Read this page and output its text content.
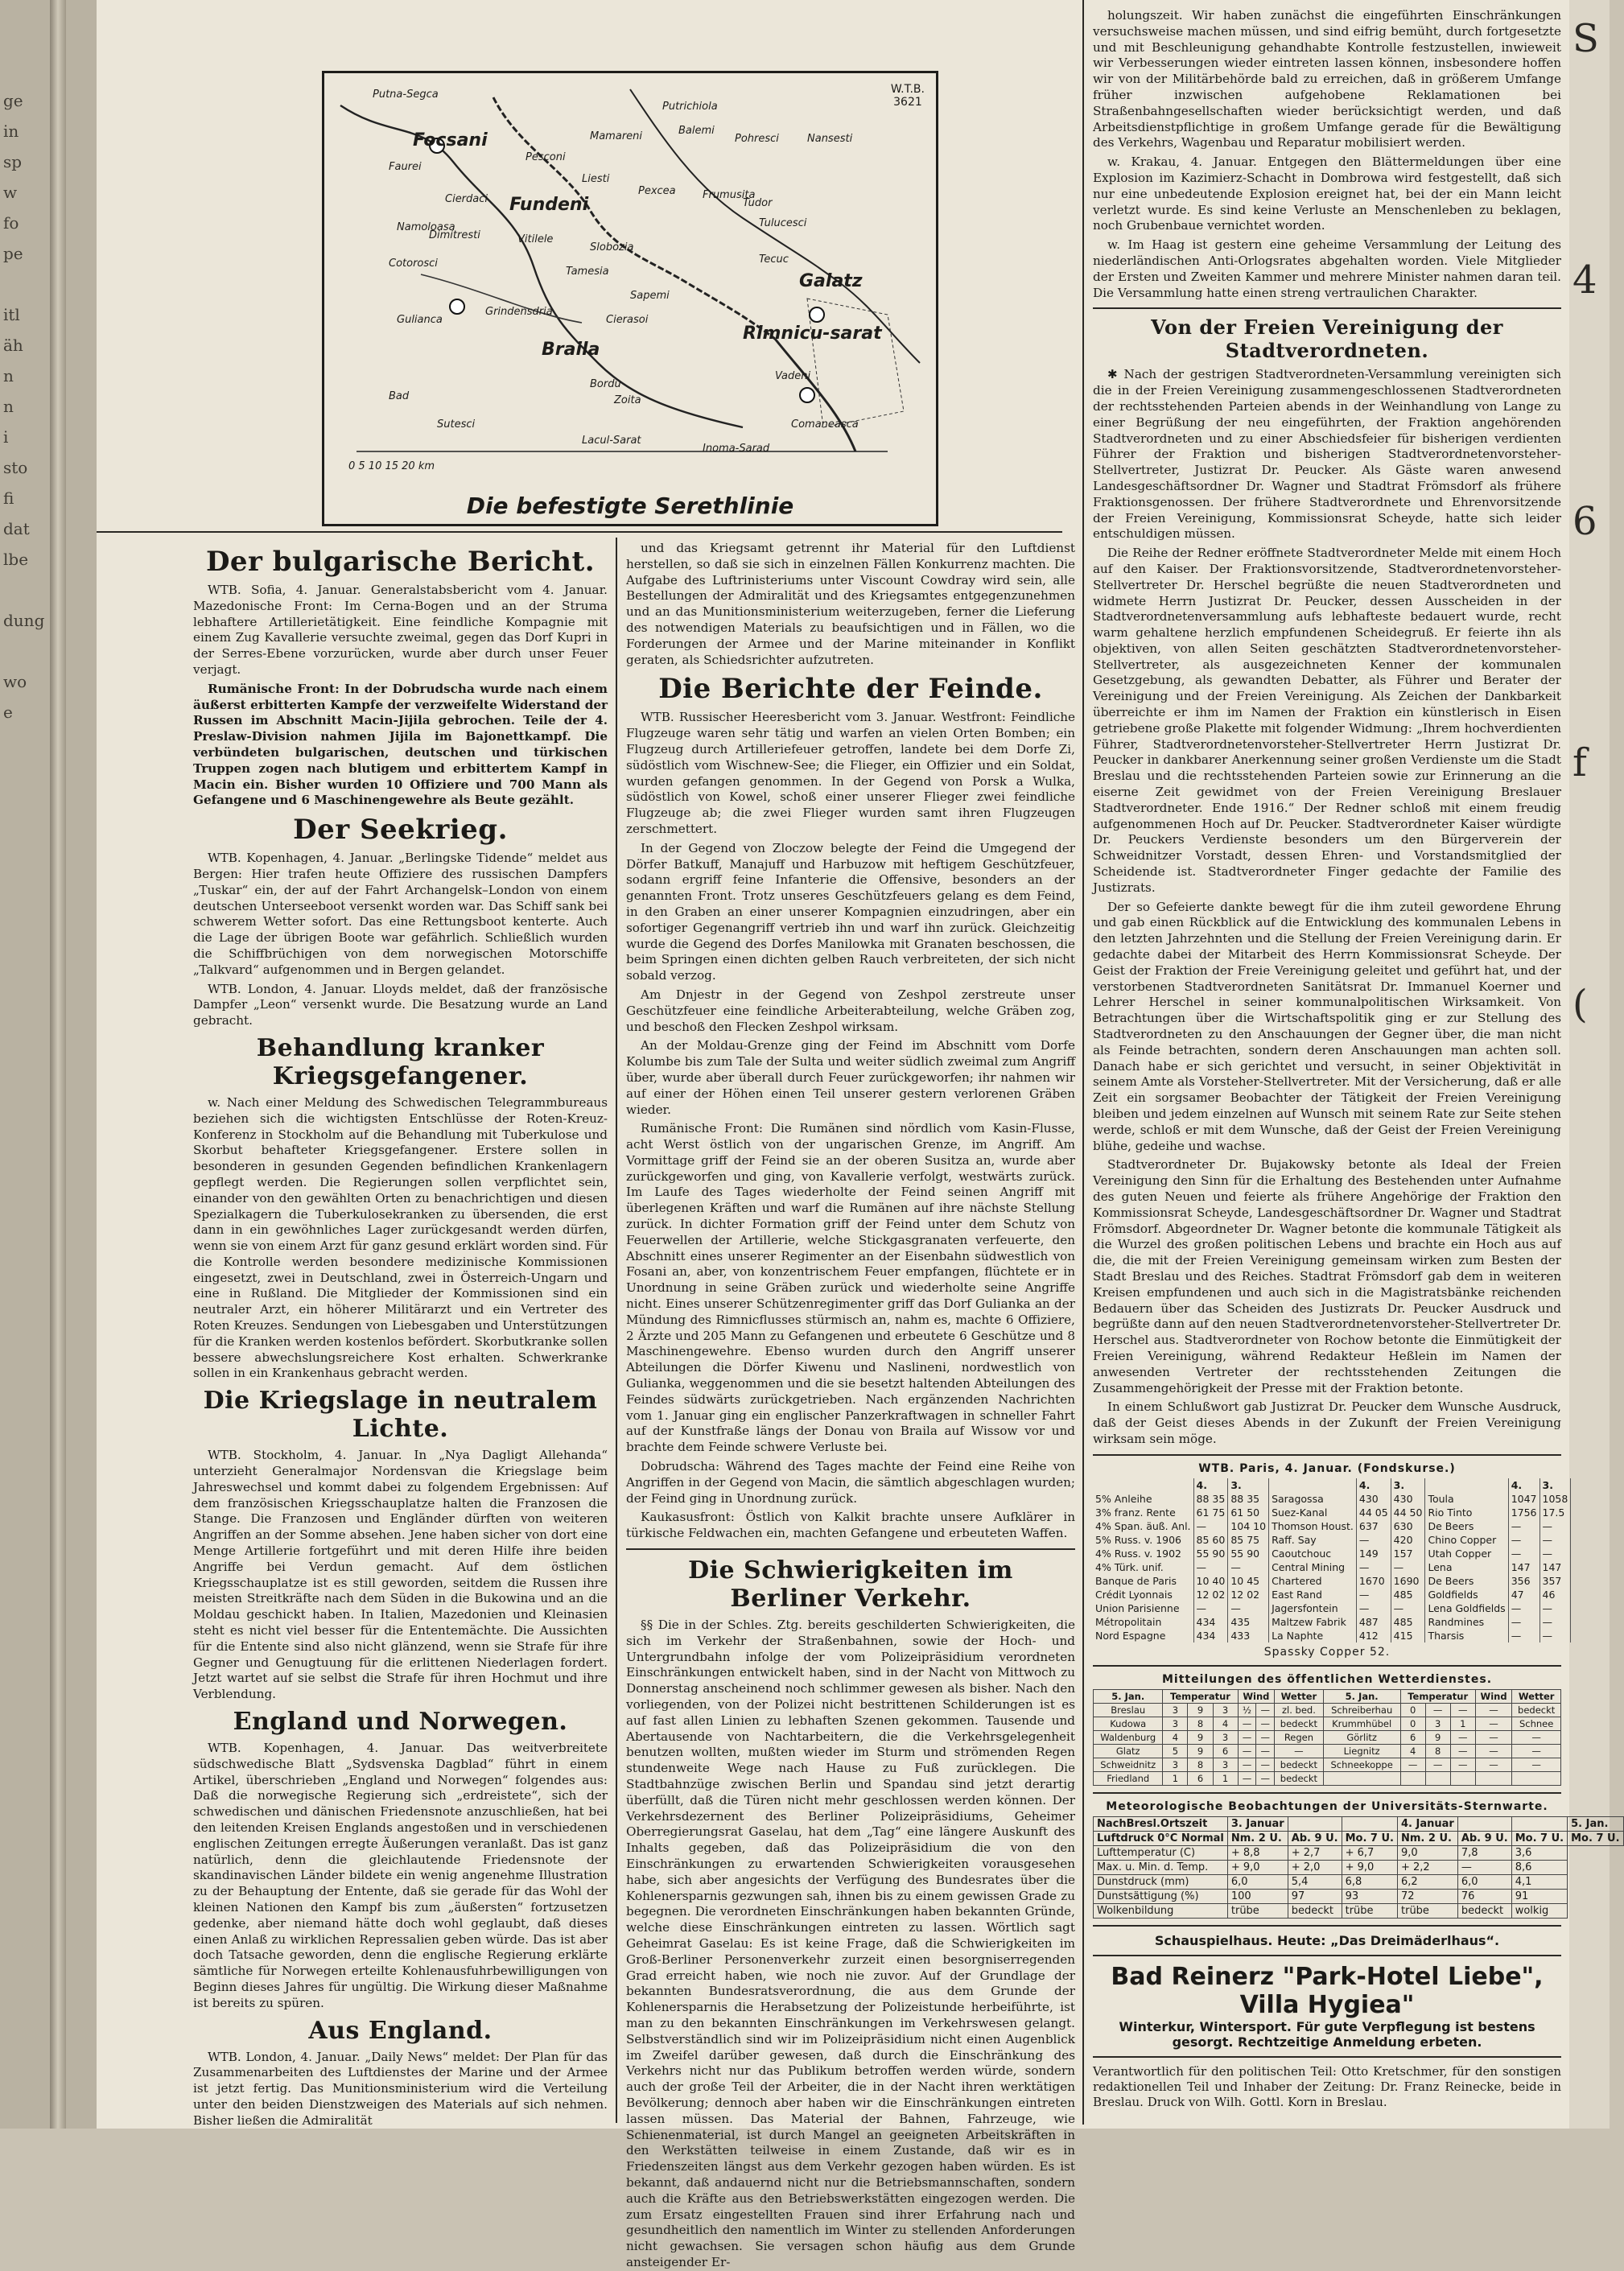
ge
in
sp
w
fo
pe
itl
äh
n
n
i
sto
fi
dat
lbe
dung
wo
e
S
4
6
f
(
Putna-Segca
Putrichiola
Balemi
Mamareni	Pohresci	Nansesti
Focsani
Pesconi
Faurei
Liesti
Pexcea	Frumusita
Cierdaci Fundeni	Tudor
Tulucesci
Namoloasa
Dimitresti	Vitilele
Slobozia
Tamesia
Tecuc
Galatz
Cotorosci
Sapemi
Grindensdria
Cierasoi
Gulianca
Rimnicu-sarat
Vadeni
Braila
Bordu
Bad	Zoita
Comaneasca
Lacul-Sarat
Sutesci
Inoma-Sarad
0 5 10 15 20 km
W.T.B.
3621
Die befestigte Serethlinie
Der bulgarische Bericht.

WTB. Sofia, 4. Januar. Generalstabsbericht vom 4. Januar. Mazedonische Front: Im Cerna-Bogen und an der Struma lebhaftere Artillerietätigkeit. Eine feindliche Kompagnie mit einem Zug Kavallerie versuchte zweimal, gegen das Dorf Kupri in der Serres-Ebene vorzurücken, wurde aber durch unser Feuer verjagt.

Rumänische Front: In der Dobrudscha wurde nach einem äußerst erbitterten Kampfe der verzweifelte Widerstand der Russen im Abschnitt Macin-Jijila gebrochen. Teile der 4. Preslaw-Division nahmen Jijila im Bajonettkampf. Die verbündeten bulgarischen, deutschen und türkischen Truppen zogen nach blutigem und erbittertem Kampf in Macin ein. Bisher wurden 10 Offiziere und 700 Mann als Gefangene und 6 Maschinengewehre als Beute gezählt.

Der Seekrieg.

WTB. Kopenhagen, 4. Januar. „Berlingske Tidende“ meldet aus Bergen: Hier trafen heute Offiziere des russischen Dampfers „Tuskar“ ein, der auf der Fahrt Archangelsk–London von einem deutschen Unterseeboot versenkt worden war. Das Schiff sank bei schwerem Wetter sofort. Das eine Rettungsboot kenterte. Auch die Lage der übrigen Boote war gefährlich. Schließlich wurden die Schiffbrüchigen von dem norwegischen Motorschiffe „Talkvard“ aufgenommen und in Bergen gelandet.

WTB. London, 4. Januar. Lloyds meldet, daß der französische Dampfer „Leon“ versenkt wurde. Die Besatzung wurde an Land gebracht.

Behandlung kranker Kriegsgefangener.

w. Nach einer Meldung des Schwedischen Telegrammbureaus beziehen sich die wichtigsten Entschlüsse der Roten-Kreuz-Konferenz in Stockholm auf die Behandlung mit Tuberkulose und Skorbut behafteter Kriegsgefangener. Erstere sollen in besonderen in gesunden Gegenden befindlichen Krankenlagern gepflegt werden. Die Regierungen sollen verpflichtet sein, einander von den gewählten Orten zu benachrichtigen und diesen Spezialkagern die Tuberkulosekranken zu übersenden, die erst dann in ein gewöhnliches Lager zurückgesandt werden dürfen, wenn sie von einem Arzt für ganz gesund erklärt worden sind. Für die Kontrolle werden besondere medizinische Kommissionen eingesetzt, zwei in Deutschland, zwei in Österreich-Ungarn und eine in Rußland. Die Mitglieder der Kommissionen sind ein neutraler Arzt, ein höherer Militärarzt und ein Vertreter des Roten Kreuzes. Sendungen von Liebesgaben und Unterstützungen für die Kranken werden kostenlos befördert. Skorbutkranke sollen bessere abwechslungsreichere Kost erhalten. Schwerkranke sollen in ein Krankenhaus gebracht werden.

Die Kriegslage in neutralem Lichte.

WTB. Stockholm, 4. Januar. In „Nya Dagligt Allehanda“ unterzieht Generalmajor Nordensvan die Kriegslage beim Jahreswechsel und kommt dabei zu folgendem Ergebnissen: Auf dem französischen Kriegsschauplatze halten die Franzosen die Stange. Die Franzosen und Engländer dürften von weiteren Angriffen an der Somme absehen. Jene haben sicher von dort eine Menge Artillerie fortgeführt und mit deren Hilfe ihre beiden Angriffe bei Verdun gemacht. Auf dem östlichen Kriegsschauplatze ist es still geworden, seitdem die Russen ihre meisten Streitkräfte nach dem Süden in die Bukowina und an die Moldau geschickt haben. In Italien, Mazedonien und Kleinasien steht es nicht viel besser für die Ententemächte. Die Aussichten für die Entente sind also nicht glänzend, wenn sie Strafe für ihre Gegner und Genugtuung für die erlittenen Niederlagen fordert. Jetzt wartet auf sie selbst die Strafe für ihren Hochmut und ihre Verblendung.

England und Norwegen.

WTB. Kopenhagen, 4. Januar. Das weitverbreitete südschwedische Blatt „Sydsvenska Dagblad“ führt in einem Artikel, überschrieben „England und Norwegen“ folgendes aus: Daß die norwegische Regierung sich „erdreistete“, sich der schwedischen und dänischen Friedensnote anzuschließen, hat bei den leitenden Kreisen Englands angestoßen und in verschiedenen englischen Zeitungen erregte Äußerungen veranlaßt. Das ist ganz natürlich, denn die gleichlautende Friedensnote der skandinavischen Länder bildete ein wenig angenehme Illustration zu der Behauptung der Entente, daß sie gerade für das Wohl der kleinen Nationen den Kampf bis zum „äußersten“ fortzusetzen gedenke, aber niemand hätte doch wohl geglaubt, daß dieses einen Anlaß zu wirklichen Repressalien geben würde. Das ist aber doch Tatsache geworden, denn die englische Regierung erklärte sämtliche für Norwegen erteilte Kohlenausfuhrbewilligungen von Beginn dieses Jahres für ungültig. Die Wirkung dieser Maßnahme ist bereits zu spüren.

Aus England.

WTB. London, 4. Januar. „Daily News“ meldet: Der Plan für das Zusammenarbeiten des Luftdienstes der Marine und der Armee ist jetzt fertig. Das Munitionsministerium wird die Verteilung unter den beiden Dienstzweigen des Materials auf sich nehmen. Bisher ließen die Admiralität

und das Kriegsamt getrennt ihr Material für den Luftdienst herstellen, so daß sie sich in einzelnen Fällen Konkurrenz machten. Die Aufgabe des Luftrinisteriums unter Viscount Cowdray wird sein, alle Bestellungen der Admiralität und des Kriegsamtes entgegenzunehmen und an das Munitionsministerium weiterzugeben, ferner die Lieferung des notwendigen Materials zu beaufsichtigen und in Fällen, wo die Forderungen der Armee und der Marine miteinander in Konflikt geraten, als Schiedsrichter aufzutreten.

Die Berichte der Feinde.

WTB. Russischer Heeresbericht vom 3. Januar. Westfront: Feindliche Flugzeuge waren sehr tätig und warfen an vielen Orten Bomben; ein Flugzeug durch Artilleriefeuer getroffen, landete bei dem Dorfe Zi, südöstlich vom Wischnew-See; die Flieger, ein Offizier und ein Soldat, wurden gefangen genommen. In der Gegend von Porsk a Wulka, südöstlich von Kowel, schoß einer unserer Flieger zwei feindliche Flugzeuge ab; die zwei Flieger wurden samt ihren Flugzeugen zerschmettert.

In der Gegend von Zloczow belegte der Feind die Umgegend der Dörfer Batkuff, Manajuff und Harbuzow mit heftigem Geschützfeuer, sodann ergriff feine Infanterie die Offensive, besonders an der genannten Front. Trotz unseres Geschützfeuers gelang es dem Feind, in den Graben an einer unserer Kompagnien einzudringen, aber ein sofortiger Gegenangriff vertrieb ihn und warf ihn zurück. Gleichzeitig wurde die Gegend des Dorfes Manilowka mit Granaten beschossen, die beim Springen einen dichten gelben Rauch verbreiteten, der sich nicht sobald verzog.

Am Dnjestr in der Gegend von Zeshpol zerstreute unser Geschützfeuer eine feindliche Arbeiterabteilung, welche Gräben zog, und beschoß den Flecken Zeshpol wirksam.

An der Moldau-Grenze ging der Feind im Abschnitt vom Dorfe Kolumbe bis zum Tale der Sulta und weiter südlich zweimal zum Angriff über, wurde aber überall durch Feuer zurückgeworfen; ihr nahmen wir auf einer der Höhen einen Teil unserer gestern verlorenen Gräben wieder.

Rumänische Front: Die Rumänen sind nördlich vom Kasin-Flusse, acht Werst östlich von der ungarischen Grenze, im Angriff. Am Vormittage griff der Feind sie an der oberen Susitza an, wurde aber zurückgeworfen und ging, von Kavallerie verfolgt, westwärts zurück. Im Laufe des Tages wiederholte der Feind seinen Angriff mit überlegenen Kräften und warf die Rumänen auf ihre nächste Stellung zurück. In dichter Formation griff der Feind unter dem Schutz von Feuerwellen der Artillerie, welche Stickgasgranaten verfeuerte, den Abschnitt eines unserer Regimenter an der Eisenbahn südwestlich von Fosani an, aber, von konzentrischem Feuer empfangen, flüchtete er in Unordnung in seine Gräben zurück und wiederholte seine Angriffe nicht. Eines unserer Schützenregimenter griff das Dorf Gulianka an der Mündung des Rimnicflusses stürmisch an, nahm es, machte 6 Offiziere, 2 Ärzte und 205 Mann zu Gefangenen und erbeutete 6 Geschütze und 8 Maschinengewehre. Ebenso wurden durch den Angriff unserer Abteilungen die Dörfer Kiwenu und Naslineni, nordwestlich von Gulianka, weggenommen und die sie besetzt haltenden Abteilungen des Feindes südwärts zurückgetrieben. Nach ergänzenden Nachrichten vom 1. Januar ging ein englischer Panzerkraftwagen in schneller Fahrt auf der Kunstfraße längs der Donau von Braila auf Wissow vor und brachte dem Feinde schwere Verluste bei.

Dobrudscha: Während des Tages machte der Feind eine Reihe von Angriffen in der Gegend von Macin, die sämtlich abgeschlagen wurden; der Feind ging in Unordnung zurück.

Kaukasusfront: Östlich von Kalkit brachte unsere Aufklärer in türkische Feldwachen ein, machten Gefangene und erbeuteten Waffen.

Die Schwierigkeiten im Berliner Verkehr.

§§ Die in der Schles. Ztg. bereits geschilderten Schwierigkeiten, die sich im Verkehr der Straßenbahnen, sowie der Hoch- und Untergrundbahn infolge der vom Polizeipräsidium verordneten Einschränkungen entwickelt haben, sind in der Nacht von Mittwoch zu Donnerstag anscheinend noch schlimmer gewesen als bisher. Nach den vorliegenden, von der Polizei nicht bestrittenen Schilderungen ist es auf fast allen Linien zu lebhaften Szenen gekommen. Tausende und Abertausende von Nachtarbeitern, die die Verkehrsgelegenheit benutzen wollten, mußten wieder im Sturm und strömenden Regen stundenweite Wege nach Hause zu Fuß zurücklegen. Die Stadtbahnzüge zwischen Berlin und Spandau sind jetzt derartig überfüllt, daß die Türen nicht mehr geschlossen werden können. Der Verkehrsdezernent des Berliner Polizeipräsidiums, Geheimer Oberregierungsrat Gaselau, hat dem „Tag“ eine längere Auskunft des Inhalts gegeben, daß das Polizeipräsidium die von den Einschränkungen zu erwartenden Schwierigkeiten vorausgesehen habe, sich aber angesichts der Verfügung des Bundesrates über die Kohlenersparnis gezwungen sah, ihnen bis zu einem gewissen Grade zu begegnen. Die verordneten Einschränkungen haben bekannten Gründe, welche diese Einschränkungen eintreten zu lassen. Wörtlich sagt Geheimrat Gaselau: Es ist keine Frage, daß die Schwierigkeiten im Groß-Berliner Personenverkehr zurzeit einen besorgniserregenden Grad erreicht haben, wie noch nie zuvor. Auf der Grundlage der bekannten Bundesratsverordnung, die aus dem Grunde der Kohlenersparnis die Herabsetzung der Polizeistunde herbeiführte, ist man zu den bekannten Einschränkungen im Verkehrswesen gelangt. Selbstverständlich sind wir im Polizeipräsidium nicht einen Augenblick im Zweifel darüber gewesen, daß durch die Einschränkung des Verkehrs nicht nur das Publikum betroffen werden würde, sondern auch der große Teil der Arbeiter, die in der Nacht ihren werktätigen Bevölkerung; dennoch aber haben wir die Einschränkungen eintreten lassen müssen. Das Material der Bahnen, Fahrzeuge, wie Schienenmaterial, ist durch Mangel an geeigneten Arbeitskräften in den Werkstätten teilweise in einem Zustande, daß wir es in Friedenszeiten längst aus dem Verkehr gezogen haben würden. Es ist bekannt, daß andauernd nicht nur die Betriebsmannschaften, sondern auch die Kräfte aus den Betriebswerkstätten eingezogen werden. Die zum Ersatz eingestellten Frauen sind ihrer Erfahrung nach und gesundheitlich den namentlich im Winter zu stellenden Anforderungen nicht gewachsen. Sie versagen schon häufig aus dem Grunde ansteigender Er-

holungszeit. Wir haben zunächst die eingeführten Einschränkungen versuchsweise machen müssen, und sind eifrig bemüht, durch fortgesetzte und mit Beschleunigung gehandhabte Kontrolle festzustellen, inwieweit wir Verbesserungen wieder eintreten lassen können, insbesondere hoffen wir von der Militärbehörde bald zu erreichen, daß in größerem Umfange früher inzwischen aufgehobene Reklamationen bei Straßenbahngesellschaften wieder berücksichtigt werden, und daß Arbeitsdienstpflichtige in großem Umfange gerade für die Bewältigung des Verkehrs, Wagenbau und Reparatur mobilisiert werden.

w. Krakau, 4. Januar. Entgegen den Blättermeldungen über eine Explosion im Kazimierz-Schacht in Dombrowa wird festgestellt, daß sich nur eine unbedeutende Explosion ereignet hat, bei der ein Mann leicht verletzt wurde. Es sind keine Verluste an Menschenleben zu beklagen, noch Grubenbaue vernichtet worden.

w. Im Haag ist gestern eine geheime Versammlung der Leitung des niederländischen Anti-Orlogsrates abgehalten worden. Viele Mitglieder der Ersten und Zweiten Kammer und mehrere Minister nahmen daran teil. Die Versammlung hatte einen streng vertraulichen Charakter.

Von der Freien Vereinigung der Stadtverordneten.

✱ Nach der gestrigen Stadtverordneten-Versammlung vereinigten sich die in der Freien Vereinigung zusammengeschlossenen Stadtverordneten der rechtsstehenden Parteien abends in der Weinhandlung von Lange zu einer Begrüßung der neu eingeführten, der Fraktion angehörenden Stadtverordneten und zu einer Abschiedsfeier für bisherigen verdienten Führer der Fraktion und bisherigen Stadtverordnetenvorsteher-Stellvertreter, Justizrat Dr. Peucker. Als Gäste waren anwesend Landesgeschäftsordner Dr. Wagner und Stadtrat Frömsdorf als frühere Fraktionsgenossen. Der frühere Stadtverordnete und Ehrenvorsitzende der Freien Vereinigung, Kommissionsrat Scheyde, hatte sich leider entschuldigen müssen.

Die Reihe der Redner eröffnete Stadtverordneter Melde mit einem Hoch auf den Kaiser. Der Fraktionsvorsitzende, Stadtverordnetenvorsteher-Stellvertreter Dr. Herschel begrüßte die neuen Stadtverordneten und widmete Herrn Justizrat Dr. Peucker, dessen Ausscheiden in der Stadtverordnetenversammlung aufs lebhafteste bedauert wurde, recht warm gehaltene herzlich empfundenen Scheidegruß. Er feierte ihn als objektiven, von allen Seiten geschätzten Stadtverordnetenvorsteher-Stellvertreter, als ausgezeichneten Kenner der kommunalen Gesetzgebung, als gewandten Debatter, als Führer und Berater der Vereinigung und der Freien Vereinigung. Als Zeichen der Dankbarkeit überreichte er ihm im Namen der Fraktion ein künstlerisch in Eisen getriebene große Plakette mit folgender Widmung: „Ihrem hochverdienten Führer, Stadtverordnetenvorsteher-Stellvertreter Herrn Justizrat Dr. Peucker in dankbarer Anerkennung seiner großen Verdienste um die Stadt Breslau und die rechtsstehenden Parteien sowie zur Erinnerung an die eiserne Zeit gewidmet von der Freien Vereinigung Breslauer Stadtverordneter. Ende 1916.“ Der Redner schloß mit einem freudig aufgenommenen Hoch auf Dr. Peucker. Stadtverordneter Kaiser würdigte Dr. Peuckers Verdienste besonders um den Bürgerverein der Schweidnitzer Vorstadt, dessen Ehren- und Vorstandsmitglied der Scheidende ist. Stadtverordneter Finger gedachte der Familie des Justizrats.

Der so Gefeierte dankte bewegt für die ihm zuteil gewordene Ehrung und gab einen Rückblick auf die Entwicklung des kommunalen Lebens in den letzten Jahrzehnten und die Stellung der Freien Vereinigung darin. Er gedachte dabei der Mitarbeit des Herrn Kommissionsrat Scheyde. Der Geist der Fraktion der Freie Vereinigung geleitet und geführt hat, und der verstorbenen Stadtverordneten Sanitätsrat Dr. Immanuel Koerner und Lehrer Herschel in seiner kommunalpolitischen Wirksamkeit. Von Betrachtungen über die Wirtschaftspolitik ging er zur Stellung des Stadtverordneten zu den Anschauungen der Gegner über, die man nicht als Feinde betrachten, sondern deren Anschauungen man achten soll. Danach habe er sich gerichtet und versucht, in seiner Objektivität in seinem Amte als Vorsteher-Stellvertreter. Mit der Versicherung, daß er alle Zeit ein sorgsamer Beobachter der Tätigkeit der Freien Vereinigung bleiben und jedem einzelnen auf Wunsch mit seinem Rate zur Seite stehen werde, schloß er mit dem Wunsche, daß der Geist der Freien Vereinigung blühe, gedeihe und wachse.

Stadtverordneter Dr. Bujakowsky betonte als Ideal der Freien Vereinigung den Sinn für die Erhaltung des Bestehenden unter Aufnahme des guten Neuen und feierte als frühere Angehörige der Fraktion den Kommissionsrat Scheyde, Landesgeschäftsordner Dr. Wagner und Stadtrat Frömsdorf. Abgeordneter Dr. Wagner betonte die kommunale Tätigkeit als die Wurzel des großen politischen Lebens und brachte ein Hoch aus auf die, die mit der Freien Vereinigung gemeinsam wirken zum Besten der Stadt Breslau und des Reiches. Stadtrat Frömsdorf gab dem in weiteren Kreisen empfundenen und auch sich in die Magistratsbänke reichenden Bedauern über das Scheiden des Justizrats Dr. Peucker Ausdruck und begrüßte dann auf den neuen Stadtverordnetenvorsteher-Stellvertreter Dr. Herschel aus. Stadtverordneter von Rochow betonte die Einmütigkeit der Freien Vereinigung, während Redakteur Heßlein im Namen der anwesenden Vertreter der rechtsstehenden Zeitungen die Zusammengehörigkeit der Presse mit der Fraktion betonte.

In einem Schlußwort gab Justizrat Dr. Peucker dem Wunsche Ausdruck, daß der Geist dieses Abends in der Zukunft der Freien Vereinigung wirksam sein möge.

WTB. Paris, 4. Januar. (Fondskurse.)
	4.	3.		4.	3.		4.	3.
5% Anleihe	88 35	88 35	Saragossa	430	430	Toula	1047	1058
3% franz. Rente	61 75	61 50	Suez-Kanal	44 05	44 50	Rio Tinto	1756	17.5
4% Span. äuß. Anl.	—	104 10	Thomson Houst.	637	630	De Beers	—	—
5% Russ. v. 1906	85 60	85 75	Raff. Say	—	420	Chino Copper	—	—
4% Russ. v. 1902	55 90	55 90	Caoutchouc	149	157	Utah Copper	—	—
4% Türk. unif.	—	—	Central Mining	—	—	Lena	147	147
Banque de Paris	10 40	10 45	Chartered	1670	1690	De Beers	356	357
Crédit Lyonnais	12 02	12 02	East Rand	—	485	Goldfields	47	46
Union Parisienne	—	—	Jagersfontein	—	—	Lena Goldfields	—	—
Métropolitain	434	435	Maltzew Fabrik	487	485	Randmines	—	—
Nord Espagne	434	433	La Naphte	412	415	Tharsis	—	—
Spassky Copper 52.
Mitteilungen des öffentlichen Wetterdienstes.
5. Jan.	Temperatur			Wind		Wetter	5. Jan.	Temperatur			Wind	Wetter
Breslau	3	9	3	½	—	zl. bed.	Schreiberhau	0	—	—	—	bedeckt
Kudowa	3	8	4	—	—	bedeckt	Krummhübel	0	3	1	—	Schnee
Waldenburg	4	9	3	—	—	Regen	Görlitz	6	9	—	—	—
Glatz	5	9	6	—	—	—	Liegnitz	4	8	—	—	—
Schweidnitz	3	8	3	—	—	bedeckt	Schneekoppe	—	—	—	—	—
Friedland	1	6	1	—	—	bedeckt						
Meteorologische Beobachtungen der Universitäts-Sternwarte.
NachBresl.Ortszeit	3. Januar			4. Januar			5. Jan.
Luftdruck 0°C Normal	Nm. 2 U.	Ab. 9 U.	Mo. 7 U.	Nm. 2 U.	Ab. 9 U.	Mo. 7 U.	Mo. 7 U.
Lufttemperatur (C)	+ 8,8	+ 2,7	+ 6,7	9,0	7,8	3,6	
Max. u. Min. d. Temp.	+ 9,0	+ 2,0	+ 9,0	+ 2,2	—	8,6	
Dunstdruck (mm)	6,0	5,4	6,8	6,2	6,0	4,1	
Dunstsättigung (%)	100	97	93	72	76	91	
Wolkenbildung	trübe	bedeckt	trübe	trübe	bedeckt	wolkig	
Schauspielhaus. Heute: „Das Dreimäderlhaus“.
Bad Reinerz "Park-Hotel Liebe", Villa Hygiea"
Winterkur, Wintersport. Für gute Verpflegung ist bestens gesorgt. Rechtzeitige Anmeldung erbeten.
Verantwortlich für den politischen Teil: Otto Kretschmer, für den sonstigen redaktionellen Teil und Inhaber der Zeitung: Dr. Franz Reinecke, beide in Breslau. Druck von Wilh. Gottl. Korn in Breslau.
